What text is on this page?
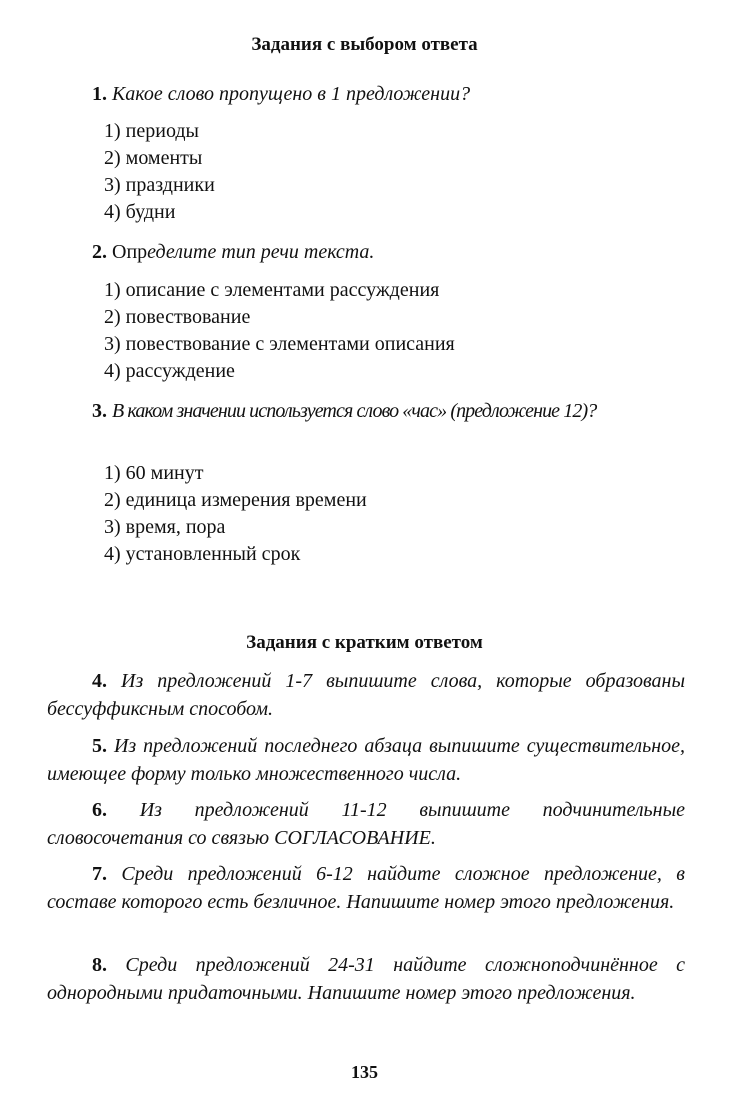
Задания с выбором ответа
1. Какое слово пропущено в 1 предложении?
1) периоды
2) моменты
3) праздники
4) будни
2. Определите тип речи текста.
1) описание с элементами рассуждения
2) повествование
3) повествование с элементами описания
4) рассуждение
3. В каком значении используется слово «час» (предложение 12)?
1) 60 минут
2) единица измерения времени
3) время, пора
4) установленный срок
Задания с кратким ответом

4. Из предложений 1-7 выпишите слова, которые образованы бессуффиксным способом.

5. Из предложений последнего абзаца выпишите существительное, имеющее форму только множественного числа.

6. Из предложений 11-12 выпишите подчинительные словосочетания со связью СОГЛАСОВАНИЕ.

7. Среди предложений 6-12 найдите сложное предложение, в составе которого есть безличное. Напишите номер этого предложения.

8. Среди предложений 24-31 найдите сложноподчинённое с однородными придаточными. Напишите номер этого предложения.

135
